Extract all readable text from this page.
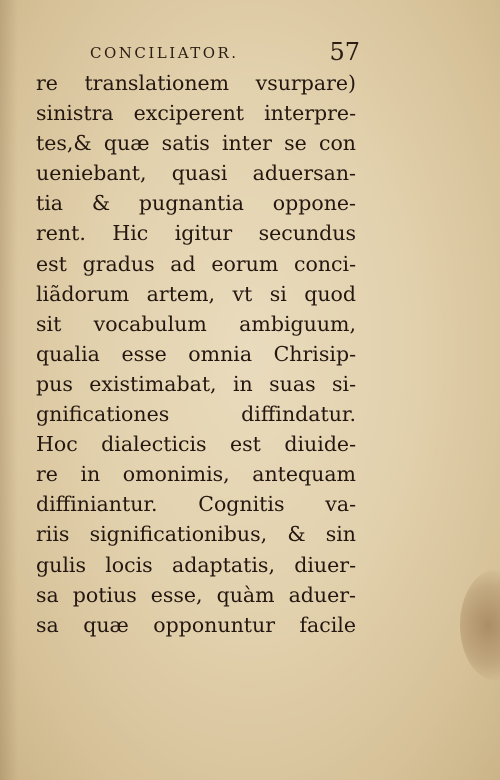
CONCILIATOR.	57
re translationem vsurpare)
sinistra exciperent interpre-
tes,& quæ satis inter se con
ueniebant, quasi aduersan-
tia & pugnantia oppone-
rent. Hic igitur secundus
est gradus ad eorum conci-
liãdorum artem, vt si quod
sit vocabulum ambiguum,
qualia esse omnia Chrisip-
pus existimabat, in suas si-
gnificationes diffindatur.
Hoc dialecticis est diuide-
re in omonimis, antequam
diffiniantur. Cognitis va-
riis significationibus, & sin
gulis locis adaptatis, diuer-
sa potius esse, quàm aduer-
sa quæ opponuntur facile
